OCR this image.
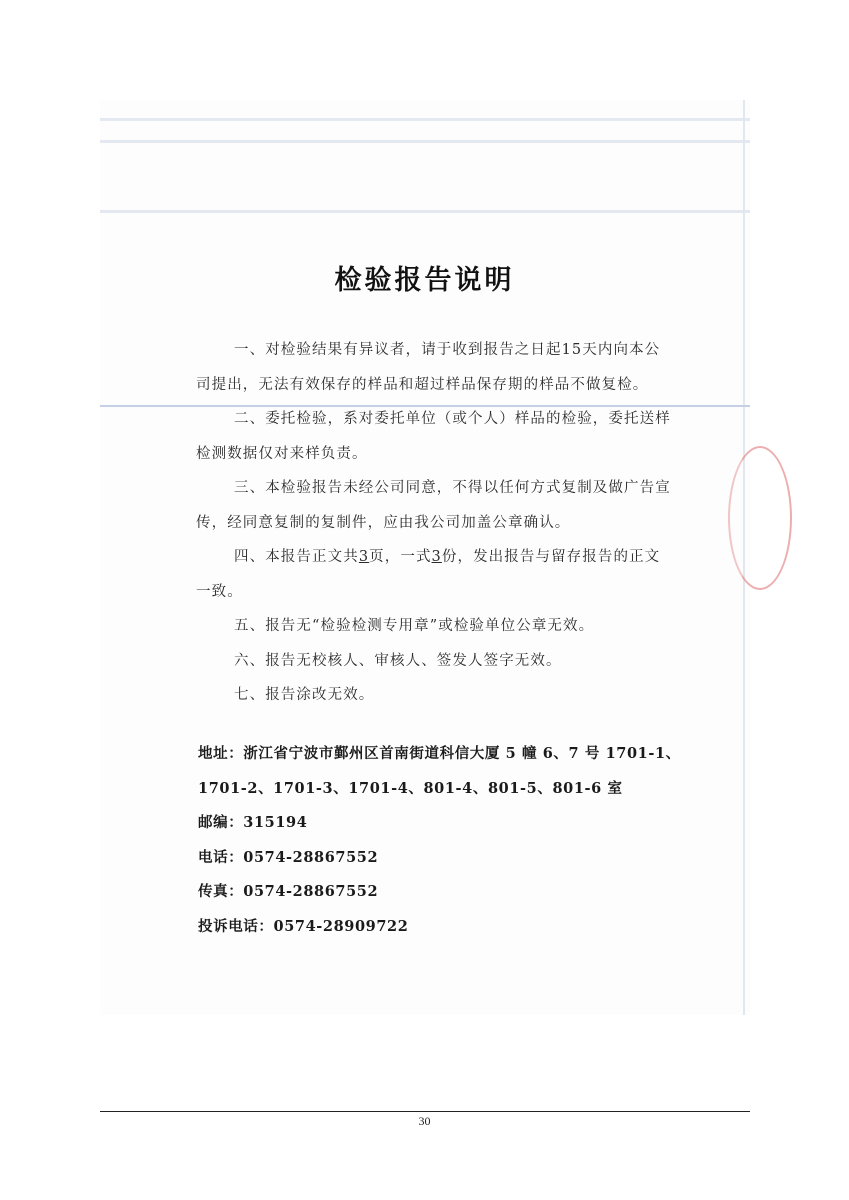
检验报告说明
一、对检验结果有异议者，请于收到报告之日起15天内向本公
司提出，无法有效保存的样品和超过样品保存期的样品不做复检。
二、委托检验，系对委托单位（或个人）样品的检验，委托送样
检测数据仅对来样负责。
三、本检验报告未经公司同意，不得以任何方式复制及做广告宣
传，经同意复制的复制件，应由我公司加盖公章确认。
四、本报告正文共3页，一式3份，发出报告与留存报告的正文
一致。
五、报告无“检验检测专用章”或检验单位公章无效。
六、报告无校核人、审核人、签发人签字无效。
七、报告涂改无效。
地址：浙江省宁波市鄞州区首南街道科信大厦 5 幢 6、7 号 1701-1、
1701-2、1701-3、1701-4、801-4、801-5、801-6 室
邮编：315194
电话：0574-28867552
传真：0574-28867552
投诉电话：0574-28909722
30
